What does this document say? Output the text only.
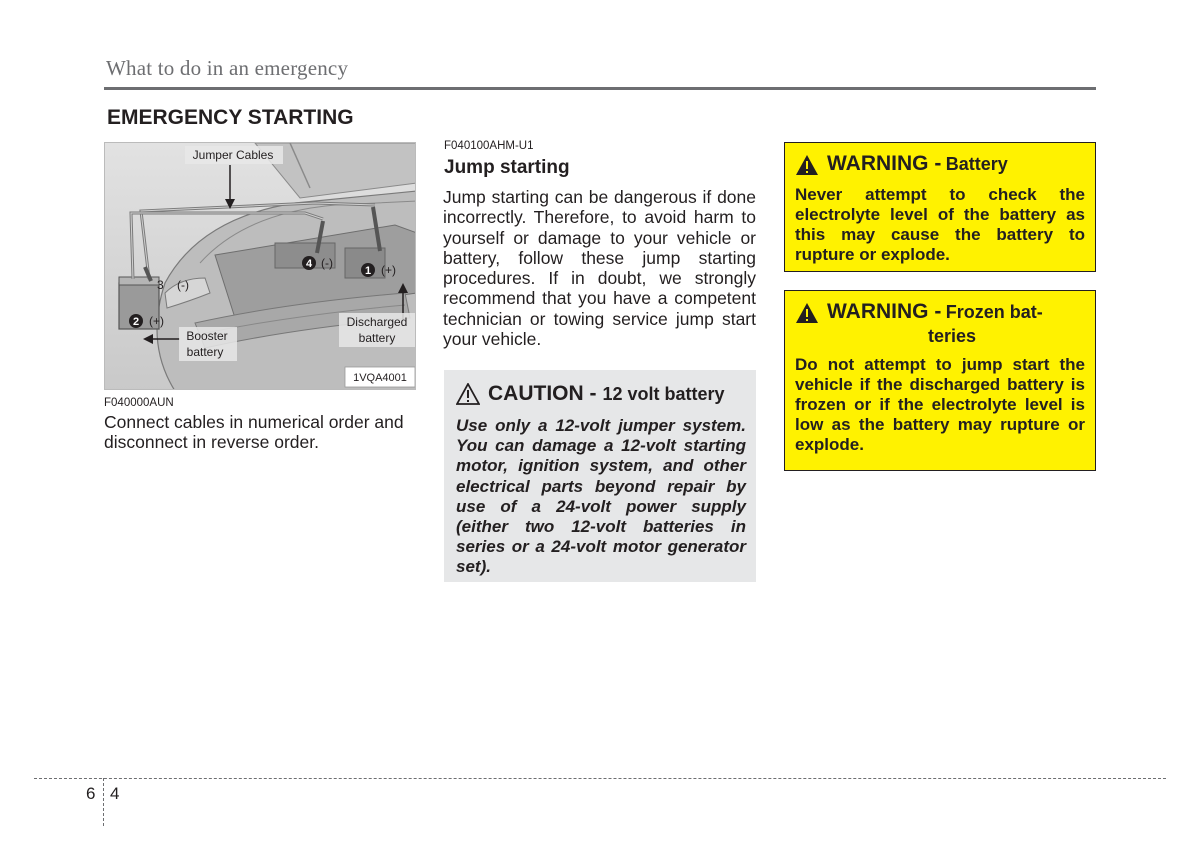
What to do in an emergency
EMERGENCY STARTING
Jumper Cables
Booster
battery
Discharged
battery
1 (+)
4 (-)
3 (-)
2 (+)
1VQA4001
F040000AUN
Connect cables in numerical order and disconnect in reverse order.
F040100AHM-U1
Jump starting
Jump starting can be dangerous if done incorrectly. Therefore, to avoid harm to yourself or damage to your vehicle or battery, follow these jump starting procedures. If in doubt, we strongly recommend that you have a competent technician or towing service jump start your vehicle.
CAUTION - 12 volt battery
Use only a 12-volt jumper system. You can damage a 12-volt starting motor, ignition system, and other electrical parts beyond repair by use of a 24-volt power supply (either two 12-volt batteries in series or a 24-volt motor generator set).
WARNING - Battery
Never attempt to check the electrolyte level of the battery as this may cause the battery to rupture or explode.
WARNING - Frozen bat-
teries
Do not attempt to jump start the vehicle if the discharged battery is frozen or if the electrolyte level is low as the battery may rupture or explode.
6 4
